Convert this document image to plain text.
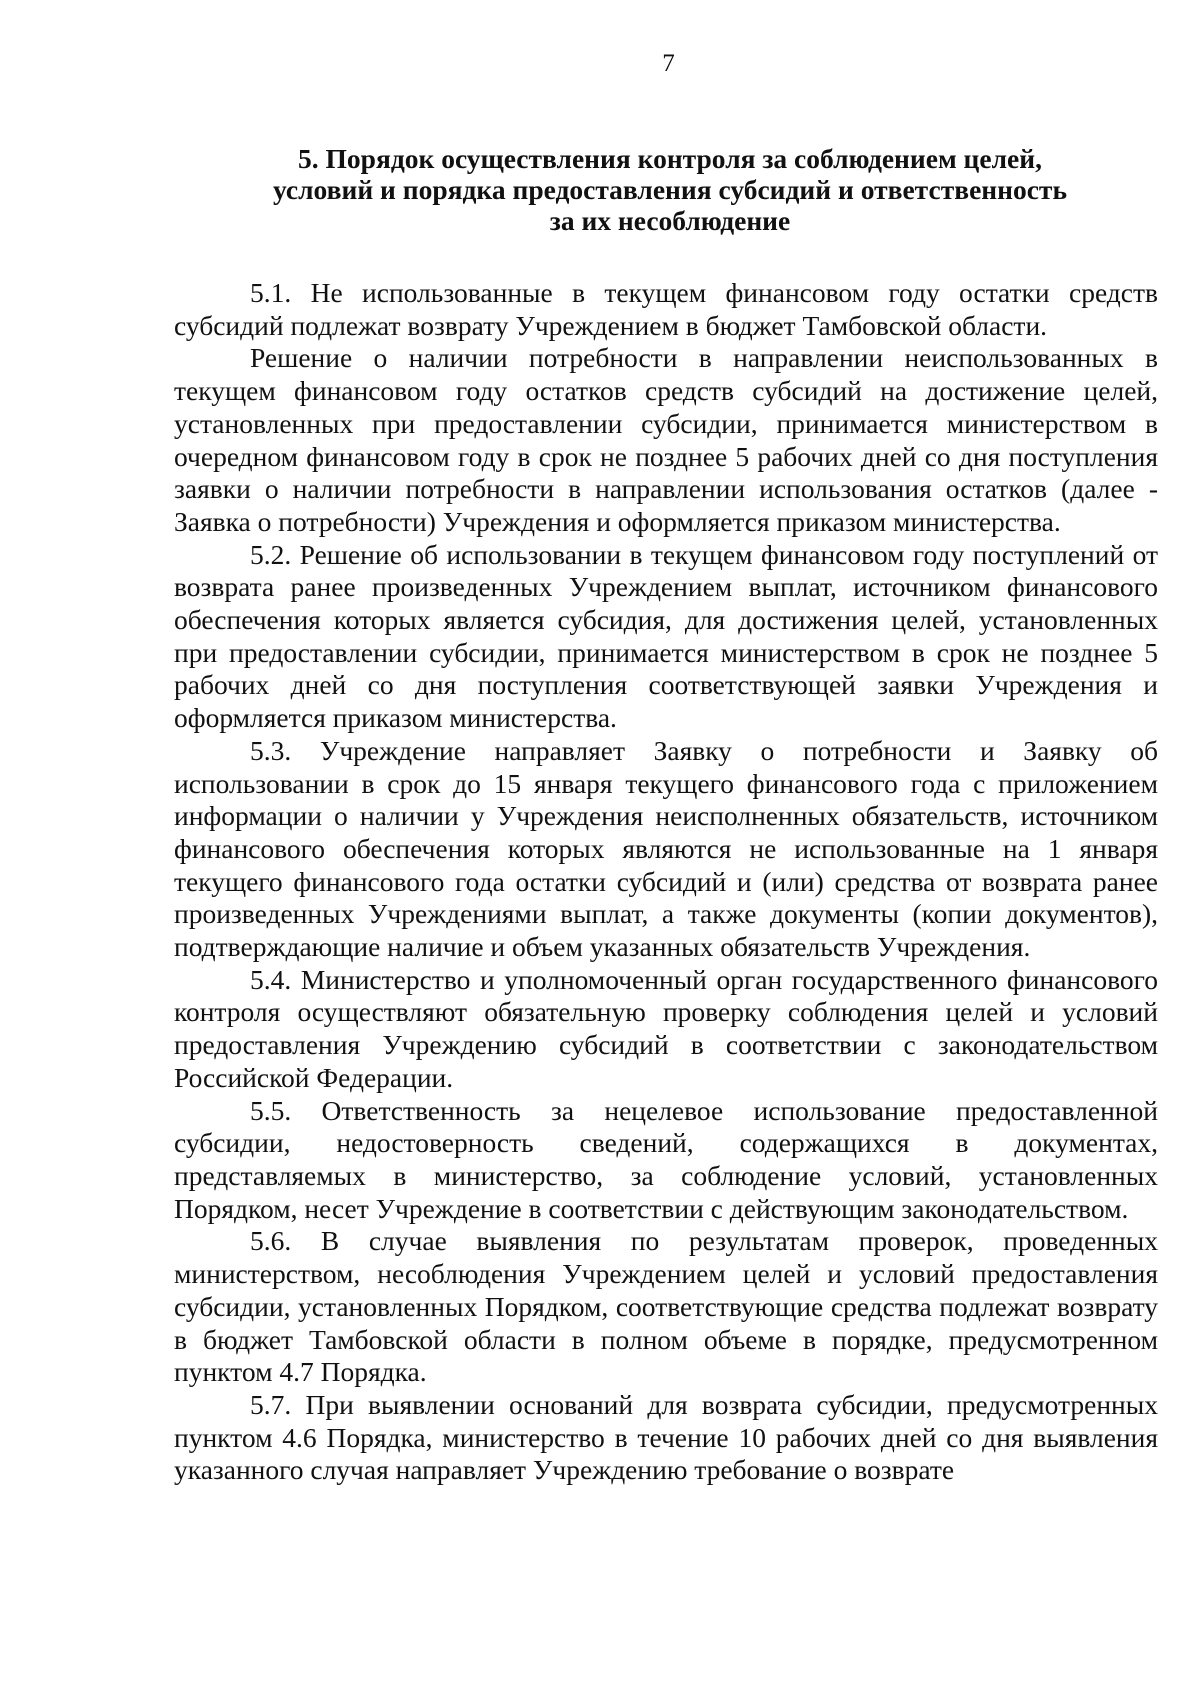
7
5. Порядок осуществления контроля за соблюдением целей,
условий и порядка предоставления субсидий и ответственность
за их несоблюдение

5.1. Не использованные в текущем финансовом году остатки средств субсидий подлежат возврату Учреждением в бюджет Тамбовской области.

Решение о наличии потребности в направлении неиспользованных в текущем финансовом году остатков средств субсидий на достижение целей, установленных при предоставлении субсидии, принимается министерством в очередном финансовом году в срок не позднее 5 рабочих дней со дня поступления заявки о наличии потребности в направлении использования остатков (далее - Заявка о потребности) Учреждения и оформляется приказом министерства.

5.2. Решение об использовании в текущем финансовом году поступлений от возврата ранее произведенных Учреждением выплат, источником финансового обеспечения которых является субсидия, для достижения целей, установленных при предоставлении субсидии, принимается министерством в срок не позднее 5 рабочих дней со дня поступления соответствующей заявки Учреждения и оформляется приказом министерства.

5.3. Учреждение направляет Заявку о потребности и Заявку об использовании в срок до 15 января текущего финансового года с приложением информации о наличии у Учреждения неисполненных обязательств, источником финансового обеспечения которых являются не использованные на 1 января текущего финансового года остатки субсидий и (или) средства от возврата ранее произведенных Учреждениями выплат, а также документы (копии документов), подтверждающие наличие и объем указанных обязательств Учреждения.

5.4. Министерство и уполномоченный орган государственного финансового контроля осуществляют обязательную проверку соблюдения целей и условий предоставления Учреждению субсидий в соответствии с законодательством Российской Федерации.

5.5. Ответственность за нецелевое использование предоставленной субсидии, недостоверность сведений, содержащихся в документах, представляемых в министерство, за соблюдение условий, установленных Порядком, несет Учреждение в соответствии с действующим законодательством.

5.6. В случае выявления по результатам проверок, проведенных министерством, несоблюдения Учреждением целей и условий предоставления субсидии, установленных Порядком, соответствующие средства подлежат возврату в бюджет Тамбовской области в полном объеме в порядке, предусмотренном пунктом 4.7 Порядка.

5.7. При выявлении оснований для возврата субсидии, предусмотренных пунктом 4.6 Порядка, министерство в течение 10 рабочих дней со дня выявления указанного случая направляет Учреждению требование о возврате
